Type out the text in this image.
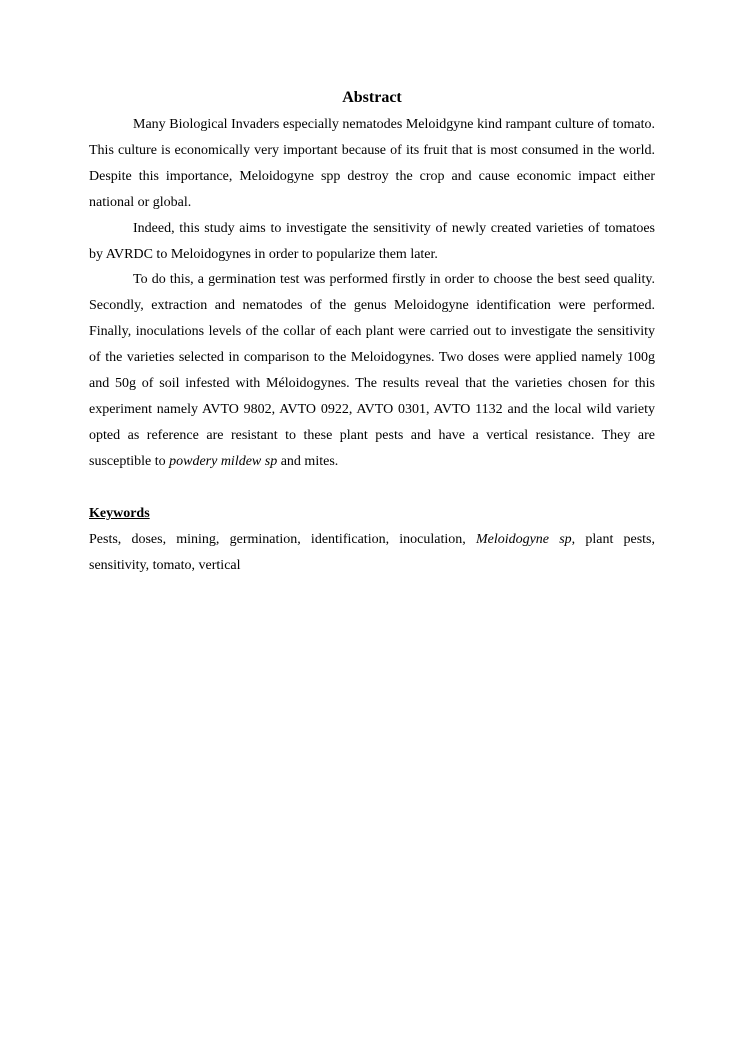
Abstract

Many Biological Invaders especially nematodes Meloidgyne kind rampant culture of tomato. This culture is economically very important because of its fruit that is most consumed in the world. Despite this importance, Meloidogyne spp destroy the crop and cause economic impact either national or global.

Indeed, this study aims to investigate the sensitivity of newly created varieties of tomatoes by AVRDC to Meloidogynes in order to popularize them later.

To do this, a germination test was performed firstly in order to choose the best seed quality. Secondly, extraction and nematodes of the genus Meloidogyne identification were performed. Finally, inoculations levels of the collar of each plant were carried out to investigate the sensitivity of the varieties selected in comparison to the Meloidogynes. Two doses were applied namely 100g and 50g of soil infested with Méloidogynes. The results reveal that the varieties chosen for this experiment namely AVTO 9802, AVTO 0922, AVTO 0301, AVTO 1132 and the local wild variety opted as reference are resistant to these plant pests and have a vertical resistance. They are susceptible to powdery mildew sp and mites.

Keywords

Pests, doses, mining, germination, identification, inoculation, Meloidogyne sp, plant pests, sensitivity, tomato, vertical
